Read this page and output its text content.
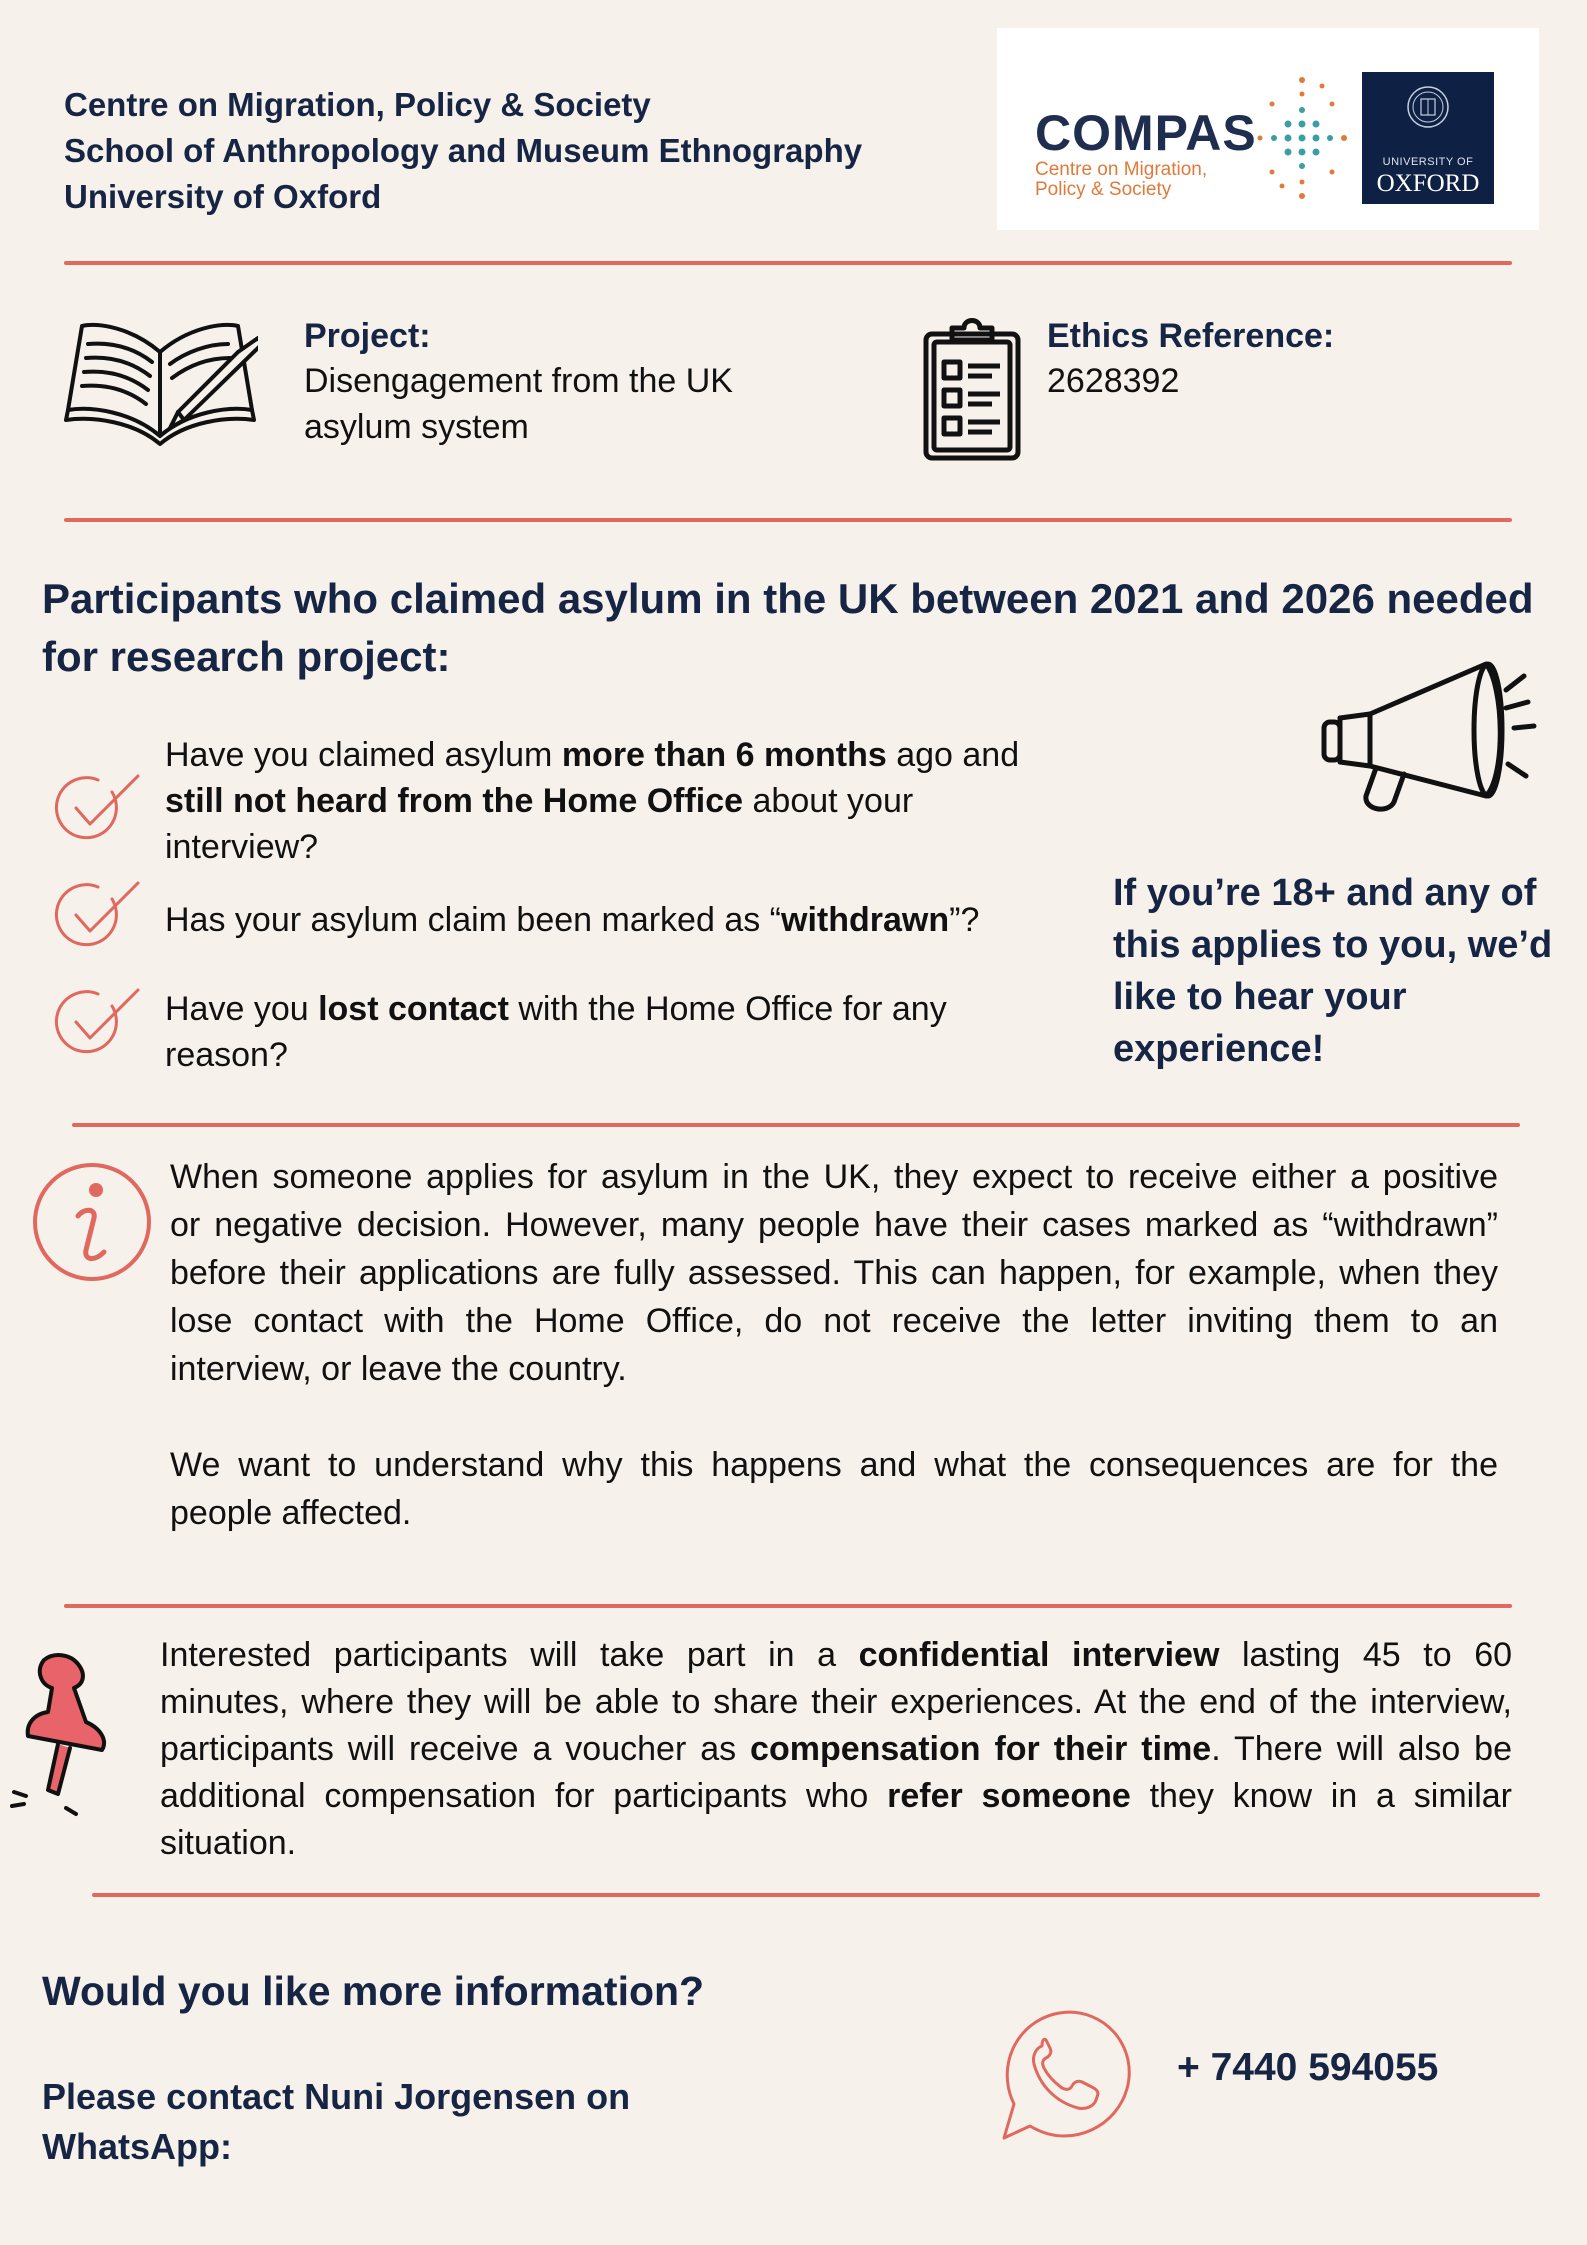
Centre on Migration, Policy & Society
School of Anthropology and Museum Ethnography
University of Oxford
COMPAS
Centre on Migration,
Policy & Society
UNIVERSITY OF
OXFORD
Project:
Disengagement from the UK
asylum system
Ethics Reference:
2628392
Participants who claimed asylum in the UK between 2021 and 2026 needed
for research project:
Have you claimed asylum more than 6 months ago and
still not heard from the Home Office about your
interview?
Has your asylum claim been marked as “withdrawn”?
Have you lost contact with the Home Office for any
reason?
If you’re 18+ and any of
this applies to you, we’d
like to hear your
experience!
When someone applies for asylum in the UK, they expect to receive either a positive
or negative decision. However, many people have their cases marked as “withdrawn”
before their applications are fully assessed. This can happen, for example, when they
lose contact with the Home Office, do not receive the letter inviting them to an
interview, or leave the country.
We want to understand why this happens and what the consequences are for the
people affected.
Interested participants will take part in a confidential interview lasting 45 to 60
minutes, where they will be able to share their experiences. At the end of the interview,
participants will receive a voucher as compensation for their time. There will also be
additional compensation for participants who refer someone they know in a similar
situation.
Would you like more information?
Please contact Nuni Jorgensen on
WhatsApp:
+ 7440 594055
